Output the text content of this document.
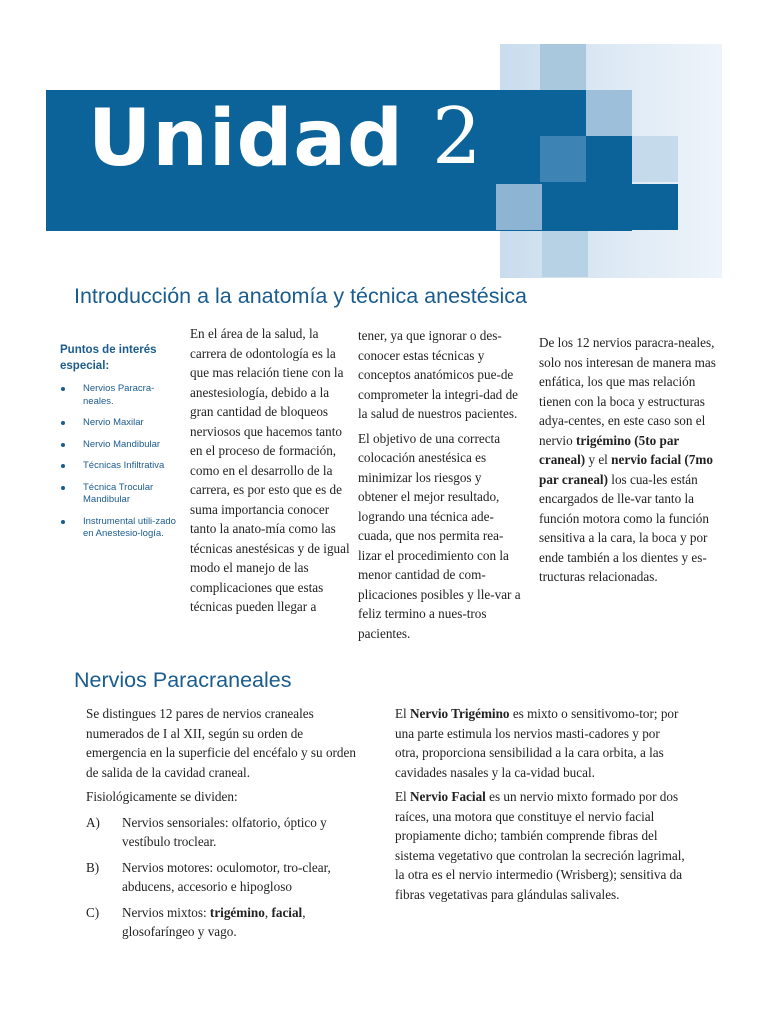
Unidad 2
Introducción a la anatomía y técnica anestésica
Puntos de interés especial:
Nervios Paracra-neales.
Nervio Maxilar
Nervio Mandibular
Técnicas Infiltrativa
Técnica Trocular Mandibular
Instrumental utili-zado en Anestesio-logía.

En el área de la salud, la carrera de odontología es la que mas relación tiene con la anestesiología, debido a la gran cantidad de bloqueos nerviosos que hacemos tanto en el proceso de formación, como en el desarrollo de la carrera, es por esto que es de suma importancia conocer tanto la anato-mía como las técnicas anestésicas y de igual modo el manejo de las complicaciones que estas técnicas pueden llegar a

tener, ya que ignorar o des-conocer estas técnicas y conceptos anatómicos pue-de comprometer la integri-dad de la salud de nuestros pacientes.

El objetivo de una correcta colocación anestésica es minimizar los riesgos y obtener el mejor resultado, logrando una técnica ade-cuada, que nos permita rea-lizar el procedimiento con la menor cantidad de com-plicaciones posibles y lle-var a feliz termino a nues-tros pacientes.

De los 12 nervios paracra-neales, solo nos interesan de manera mas enfática, los que mas relación tienen con la boca y estructuras adya-centes, en este caso son el nervio trigémino (5to par craneal) y el nervio facial (7mo par craneal) los cua-les están encargados de lle-var tanto la función motora como la función sensitiva a la cara, la boca y por ende también a los dientes y es-tructuras relacionadas.

Nervios Paracraneales

Se distingues 12 pares de nervios craneales numerados de I al XII, según su orden de emergencia en la superficie del encéfalo y su orden de salida de la cavidad craneal.

Fisiológicamente se dividen:

A)	Nervios sensoriales: olfatorio, óptico y vestíbulo troclear.
B)	Nervios motores: oculomotor, tro-clear, abducens, accesorio e hipogloso
C)	Nervios mixtos: trigémino, facial, glosofaríngeo y vago.

El Nervio Trigémino es mixto o sensitivomo-tor; por una parte estimula los nervios masti-cadores y por otra, proporciona sensibilidad a la cara orbita, a las cavidades nasales y la ca-vidad bucal.

El Nervio Facial es un nervio mixto formado por dos raíces, una motora que constituye el nervio facial propiamente dicho; también comprende fibras del sistema vegetativo que controlan la secreción lagrimal, la otra es el nervio intermedio (Wrisberg); sensitiva da fibras vegetativas para glándulas salivales.
